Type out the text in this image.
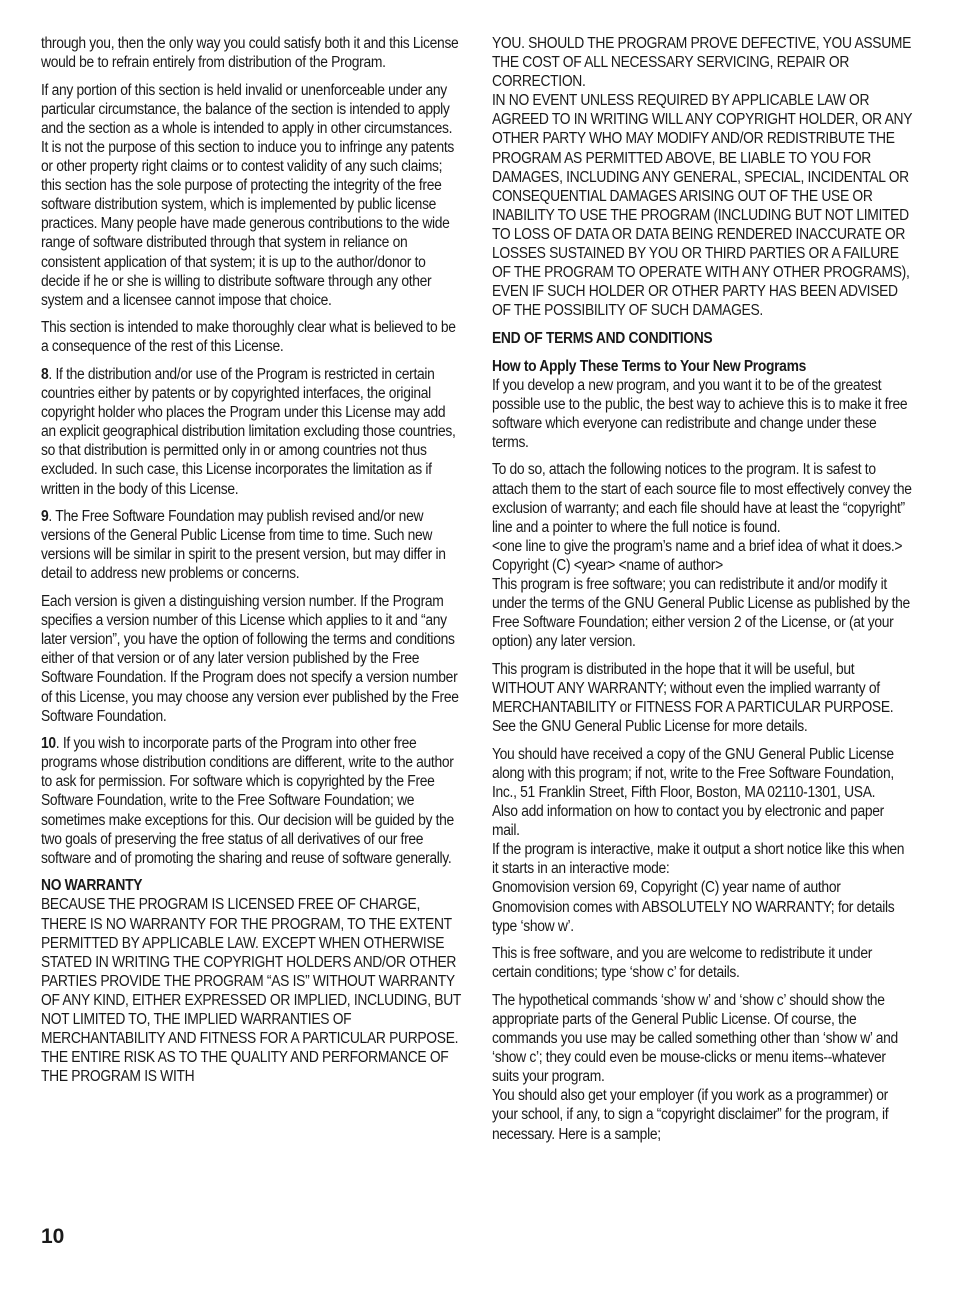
through you, then the only way you could satisfy both it and this License would be to refrain entirely from distribution of the Program.

If any portion of this section is held invalid or unenforceable under any particular circumstance, the balance of the section is intended to apply and the section as a whole is intended to apply in other circumstances. It is not the purpose of this section to induce you to infringe any patents or other property right claims or to contest validity of any such claims; this section has the sole purpose of protecting the integrity of the free software distribution system, which is implemented by public license practices. Many people have made generous contributions to the wide range of software distributed through that system in reliance on consistent application of that system; it is up to the author/donor to decide if he or she is willing to distribute software through any other system and a licensee cannot impose that choice.

This section is intended to make thoroughly clear what is believed to be a consequence of the rest of this License.

8. If the distribution and/or use of the Program is restricted in certain countries either by patents or by copyrighted interfaces, the original copyright holder who places the Program under this License may add an explicit geographical distribution limitation excluding those countries, so that distribution is permitted only in or among countries not thus excluded. In such case, this License incorporates the limitation as if written in the body of this License.

9. The Free Software Foundation may publish revised and/or new versions of the General Public License from time to time. Such new versions will be similar in spirit to the present version, but may differ in detail to address new problems or concerns.

Each version is given a distinguishing version number. If the Program specifies a version number of this License which applies to it and “any later version”, you have the option of following the terms and conditions either of that version or of any later version published by the Free Software Foundation. If the Program does not specify a version number of this License, you may choose any version ever published by the Free Software Foundation.

10. If you wish to incorporate parts of the Program into other free programs whose distribution conditions are different, write to the author to ask for permission. For software which is copyrighted by the Free Software Foundation, write to the Free Software Foundation; we sometimes make exceptions for this. Our decision will be guided by the two goals of preserving the free status of all derivatives of our free software and of promoting the sharing and reuse of software generally.

NO WARRANTY
BECAUSE THE PROGRAM IS LICENSED FREE OF CHARGE, THERE IS NO WARRANTY FOR THE PROGRAM, TO THE EXTENT PERMITTED BY APPLICABLE LAW. EXCEPT WHEN OTHERWISE STATED IN WRITING THE COPYRIGHT HOLDERS AND/OR OTHER PARTIES PROVIDE THE PROGRAM “AS IS” WITHOUT WARRANTY OF ANY KIND, EITHER EXPRESSED OR IMPLIED, INCLUDING, BUT NOT LIMITED TO, THE IMPLIED WARRANTIES OF MERCHANTABILITY AND FITNESS FOR A PARTICULAR PURPOSE. THE ENTIRE RISK AS TO THE QUALITY AND PERFORMANCE OF THE PROGRAM IS WITH

YOU. SHOULD THE PROGRAM PROVE DEFECTIVE, YOU ASSUME THE COST OF ALL NECESSARY SERVICING, REPAIR OR CORRECTION.

IN NO EVENT UNLESS REQUIRED BY APPLICABLE LAW OR AGREED TO IN WRITING WILL ANY COPYRIGHT HOLDER, OR ANY OTHER PARTY WHO MAY MODIFY AND/OR REDISTRIBUTE THE PROGRAM AS PERMITTED ABOVE, BE LIABLE TO YOU FOR DAMAGES, INCLUDING ANY GENERAL, SPECIAL, INCIDENTAL OR CONSEQUENTIAL DAMAGES ARISING OUT OF THE USE OR INABILITY TO USE THE PROGRAM (INCLUDING BUT NOT LIMITED TO LOSS OF DATA OR DATA BEING RENDERED INACCURATE OR LOSSES SUSTAINED BY YOU OR THIRD PARTIES OR A FAILURE OF THE PROGRAM TO OPERATE WITH ANY OTHER PROGRAMS), EVEN IF SUCH HOLDER OR OTHER PARTY HAS BEEN ADVISED OF THE POSSIBILITY OF SUCH DAMAGES.

END OF TERMS AND CONDITIONS

How to Apply These Terms to Your New Programs
If you develop a new program, and you want it to be of the greatest possible use to the public, the best way to achieve this is to make it free software which everyone can redistribute and change under these terms.

To do so, attach the following notices to the program. It is safest to attach them to the start of each source file to most effectively convey the exclusion of warranty; and each file should have at least the “copyright” line and a pointer to where the full notice is found.

<one line to give the program’s name and a brief idea of what it does.> Copyright (C) <year> <name of author>

This program is free software; you can redistribute it and/or modify it under the terms of the GNU General Public License as published by the Free Software Foundation; either version 2 of the License, or (at your option) any later version.

This program is distributed in the hope that it will be useful, but WITHOUT ANY WARRANTY; without even the implied warranty of MERCHANTABILITY or FITNESS FOR A PARTICULAR PURPOSE. See the GNU General Public License for more details.

You should have received a copy of the GNU General Public License along with this program; if not, write to the Free Software Foundation, Inc., 51 Franklin Street, Fifth Floor, Boston, MA 02110-1301, USA.

Also add information on how to contact you by electronic and paper mail.

If the program is interactive, make it output a short notice like this when it starts in an interactive mode:

Gnomovision version 69, Copyright (C) year name of author

Gnomovision comes with ABSOLUTELY NO WARRANTY; for details type ‘show w’.

This is free software, and you are welcome to redistribute it under certain conditions; type ‘show c’ for details.

The hypothetical commands ‘show w’ and ‘show c’ should show the appropriate parts of the General Public License. Of course, the commands you use may be called something other than ‘show w’ and ‘show c’; they could even be mouse-clicks or menu items--whatever suits your program.

You should also get your employer (if you work as a programmer) or your school, if any, to sign a “copyright disclaimer” for the program, if necessary. Here is a sample;

10
